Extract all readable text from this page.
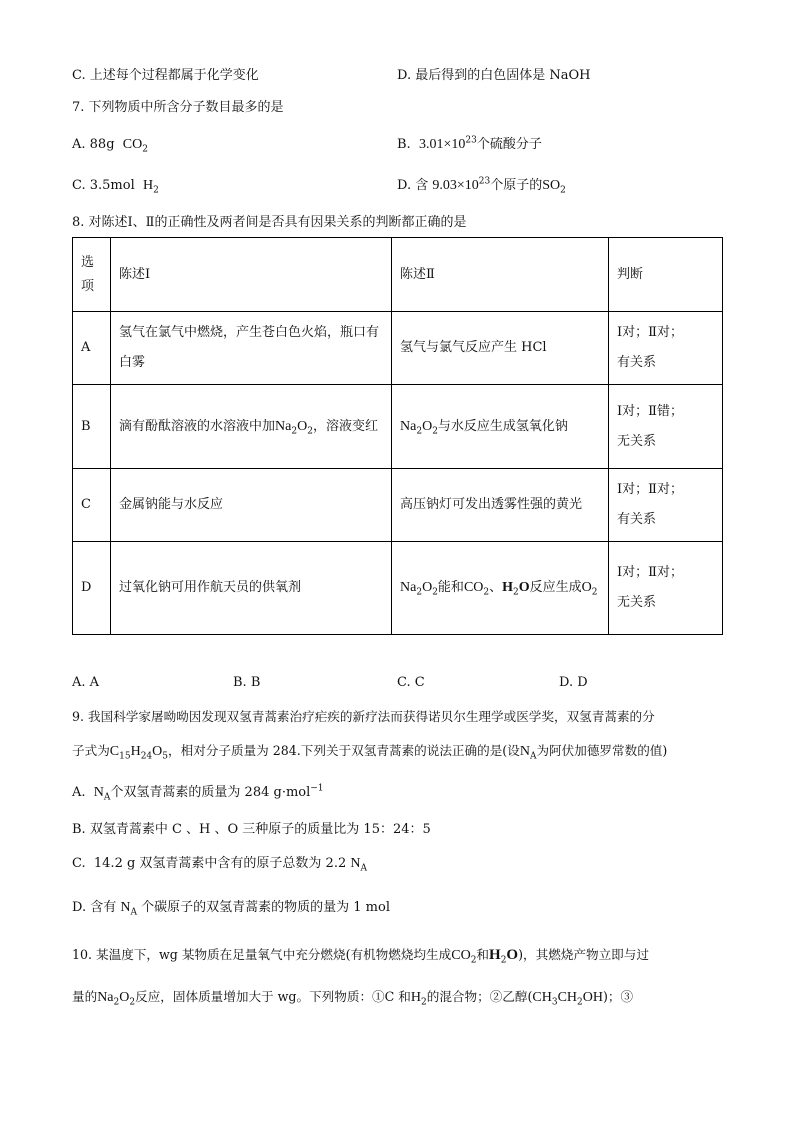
C. 上述每个过程都属于化学变化	D. 最后得到的白色固体是 NaOH
7. 下列物质中所含分子数目最多的是
A. 88g $CO_2$	B. $3.01\times 10^{23}$个硫酸分子
C. 3.5mol $H_2$	D. 含 $9.03\times 10^{23}$个原子的$SO_2$
8. 对陈述Ⅰ、Ⅱ的正确性及两者间是否具有因果关系的判断都正确的是
选
项	陈述Ⅰ	陈述Ⅱ	判断
A	氢气在氯气中燃烧，产生苍白色火焰，瓶口有白雾	氢气与氯气反应产生 HCl	Ⅰ对；Ⅱ对；
有关系
B	滴有酚酞溶液的水溶液中加$Na_2O_2$，溶液变红	$Na_2O_2$与水反应生成氢氧化钠	Ⅰ对；Ⅱ错；
无关系
C	金属钠能与水反应	高压钠灯可发出透雾性强的黄光	Ⅰ对；Ⅱ对；
有关系
D	过氧化钠可用作航天员的供氧剂	$Na_2O_2$能和$CO_2$、$H_2O$反应生成$O_2$	Ⅰ对；Ⅱ对；
无关系
A. A	B. B	C. C	D. D
9. 我国科学家屠呦呦因发现双氢青蒿素治疗疟疾的新疗法而获得诺贝尔生理学或医学奖，双氢青蒿素的分
子式为$C_{15}H_{24}O_5$，相对分子质量为 284.下列关于双氢青蒿素的说法正确的是(设$N_A$为阿伏加德罗常数的值)
A. $N_A$个双氢青蒿素的质量为 284 g·mol$^{-1}$
B. 双氢青蒿素中 C 、H 、O 三种原子的质量比为 15：24：5
C. 14.2 g 双氢青蒿素中含有的原子总数为 2.2 $N_A$
D. 含有 $N_A$ 个碳原子的双氢青蒿素的物质的量为 1 mol
10. 某温度下，wg 某物质在足量氧气中充分燃烧(有机物燃烧均生成$CO_2$和$H_2O$)，其燃烧产物立即与过
量的$Na_2O_2$反应，固体质量增加大于 wg。下列物质：①C 和$H_2$的混合物；②乙醇$(CH_3CH_2OH)$；③
